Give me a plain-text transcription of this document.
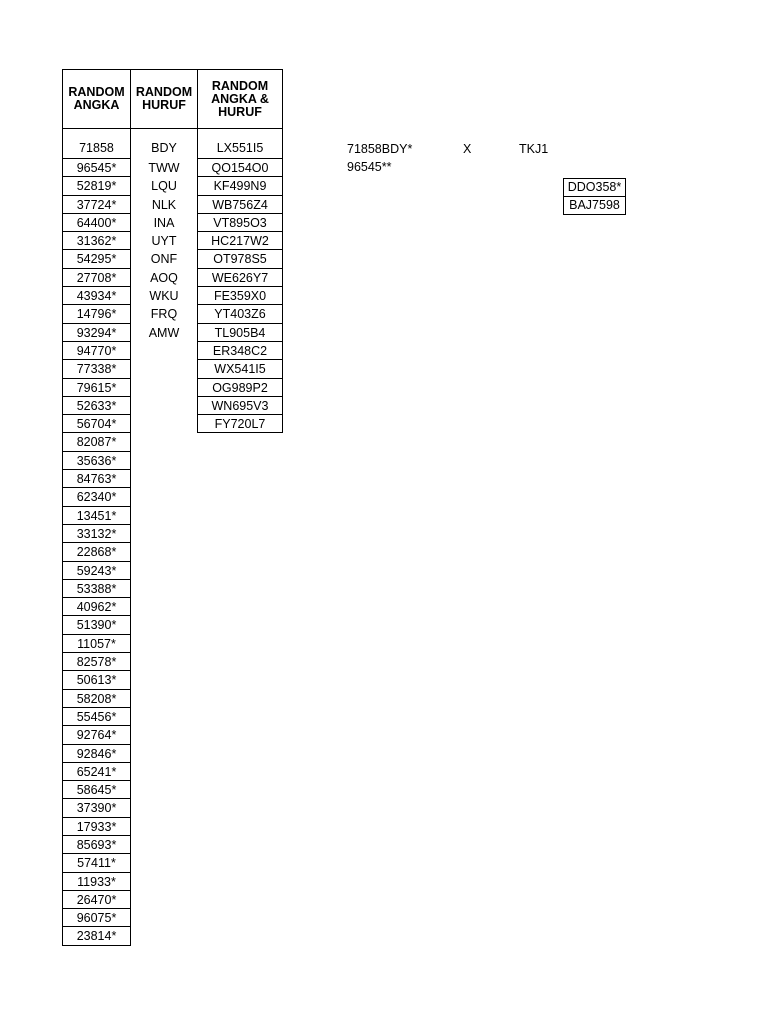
RANDOM ANGKA
RANDOM HURUF
RANDOM ANGKA & HURUF
71858
96545*
52819*
37724*
64400*
31362*
54295*
27708*
43934*
14796*
93294*
94770*
77338*
79615*
52633*
56704*
82087*
35636*
84763*
62340*
13451*
33132*
22868*
59243*
53388*
40962*
51390*
11057*
82578*
50613*
58208*
55456*
92764*
92846*
65241*
58645*
37390*
17933*
85693*
57411*
11933*
26470*
96075*
23814*
BDY
TWW
LQU
NLK
INA
UYT
ONF
AOQ
WKU
FRQ
AMW
LX551I5
QO154O0
KF499N9
WB756Z4
VT895O3
HC217W2
OT978S5
WE626Y7
FE359X0
YT403Z6
TL905B4
ER348C2
WX541I5
OG989P2
WN695V3
FY720L7
71858BDY*
96545**
X	TKJ1
DDO358*
BAJ7598
